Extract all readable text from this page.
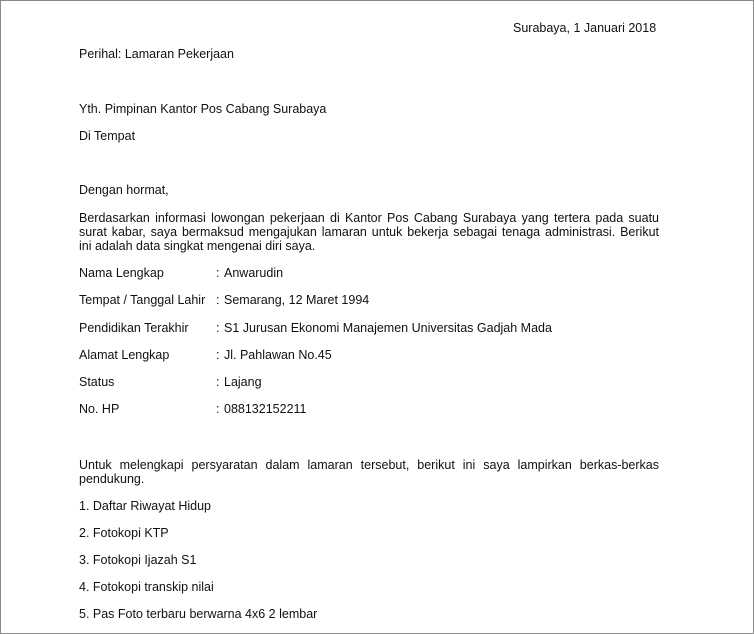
Surabaya, 1 Januari 2018
Perihal: Lamaran Pekerjaan
Yth. Pimpinan Kantor Pos Cabang Surabaya
Di Tempat
Dengan hormat,
Berdasarkan informasi lowongan pekerjaan di Kantor Pos Cabang Surabaya yang tertera pada suatu surat kabar, saya bermaksud mengajukan lamaran untuk bekerja sebagai tenaga administrasi. Berikut ini adalah data singkat mengenai diri saya.
Nama Lengkap	: Anwarudin
Tempat / Tanggal Lahir : Semarang, 12 Maret 1994
Pendidikan Terakhir : S1 Jurusan Ekonomi Manajemen Universitas Gadjah Mada
Alamat Lengkap	: Jl. Pahlawan No.45
Status	: Lajang
No. HP	: 088132152211
Untuk melengkapi persyaratan dalam lamaran tersebut, berikut ini saya lampirkan berkas-berkas pendukung.
1. Daftar Riwayat Hidup
2. Fotokopi KTP
3. Fotokopi Ijazah S1
4. Fotokopi transkip nilai
5. Pas Foto terbaru berwarna 4x6 2 lembar
